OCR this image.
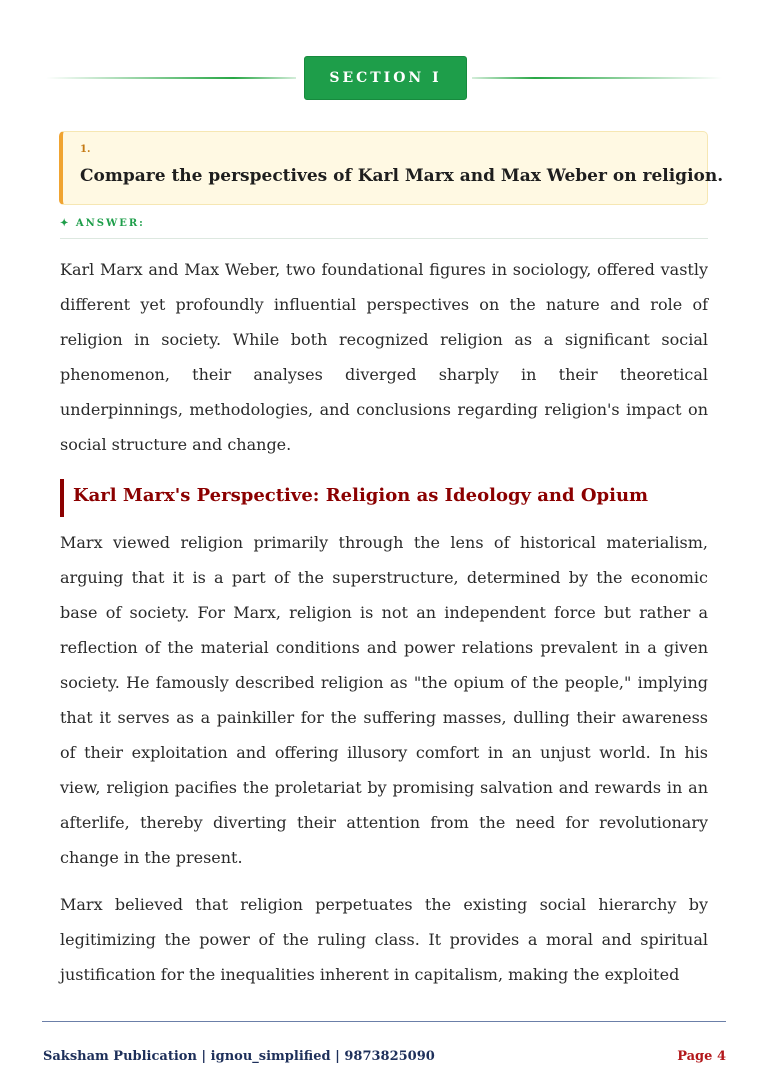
SECTION I
1.
Compare the perspectives of Karl Marx and Max Weber on religion.
✦ ANSWER:

Karl Marx and Max Weber, two foundational figures in sociology, offered vastly different yet profoundly influential perspectives on the nature and role of religion in society. While both recognized religion as a significant social phenomenon, their analyses diverged sharply in their theoretical underpinnings, methodologies, and conclusions regarding religion's impact on social structure and change.

Karl Marx's Perspective: Religion as Ideology and Opium

Marx viewed religion primarily through the lens of historical materialism, arguing that it is a part of the superstructure, determined by the economic base of society. For Marx, religion is not an independent force but rather a reflection of the material conditions and power relations prevalent in a given society. He famously described religion as "the opium of the people," implying that it serves as a painkiller for the suffering masses, dulling their awareness of their exploitation and offering illusory comfort in an unjust world. In his view, religion pacifies the proletariat by promising salvation and rewards in an afterlife, thereby diverting their attention from the need for revolutionary change in the present.

Marx believed that religion perpetuates the existing social hierarchy by legitimizing the power of the ruling class. It provides a moral and spiritual justification for the inequalities inherent in capitalism, making the exploited

Saksham Publication | ignou_simplified | 9873825090	Page 4
